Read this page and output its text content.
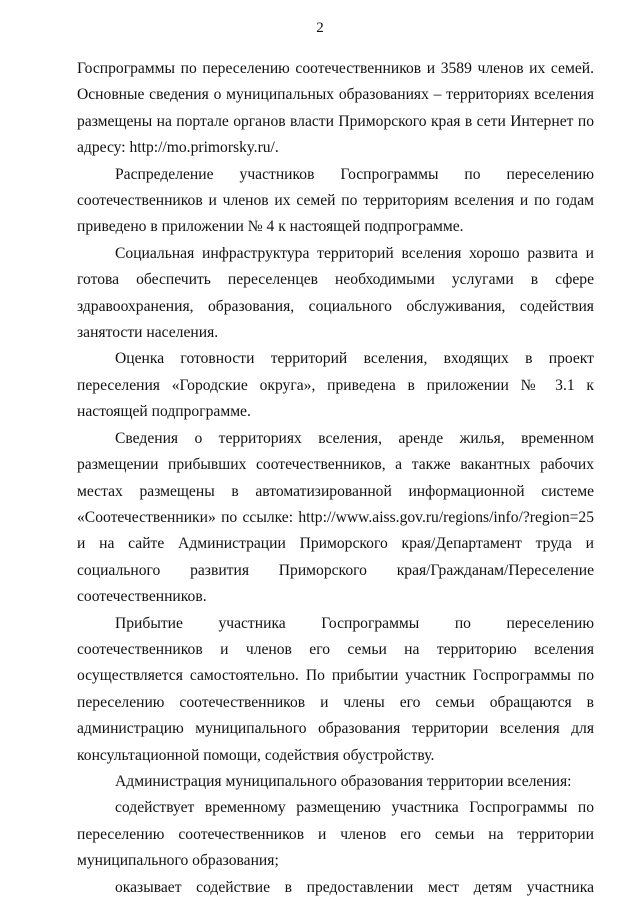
2

Госпрограммы по переселению соотечественников и 3589 членов их семей. Основные сведения о муниципальных образованиях – территориях вселения размещены на портале органов власти Приморского края в сети Интернет по адресу: http://mo.primorsky.ru/.

Распределение участников Госпрограммы по переселению соотечественников и членов их семей по территориям вселения и по годам приведено в приложении № 4 к настоящей подпрограмме.

Социальная инфраструктура территорий вселения хорошо развита и готова обеспечить переселенцев необходимыми услугами в сфере здравоохранения, образования, социального обслуживания, содействия занятости населения.

Оценка готовности территорий вселения, входящих в проект переселения «Городские округа», приведена в приложении № 3.1 к настоящей подпрограмме.

Сведения о территориях вселения, аренде жилья, временном размещении прибывших соотечественников, а также вакантных рабочих местах размещены в автоматизированной информационной системе «Соотечественники» по ссылке: http://www.aiss.gov.ru/regions/info/?region=25 и на сайте Администрации Приморского края/Департамент труда и социального развития Приморского края/Гражданам/Переселение соотечественников.

Прибытие участника Госпрограммы по переселению соотечественников и членов его семьи на территорию вселения осуществляется самостоятельно. По прибытии участник Госпрограммы по переселению соотечественников и члены его семьи обращаются в администрацию муниципального образования территории вселения для консультационной помощи, содействия обустройству.

Администрация муниципального образования территории вселения:

содействует временному размещению участника Госпрограммы по переселению соотечественников и членов его семьи на территории муниципального образования;

оказывает содействие в предоставлении мест детям участника
